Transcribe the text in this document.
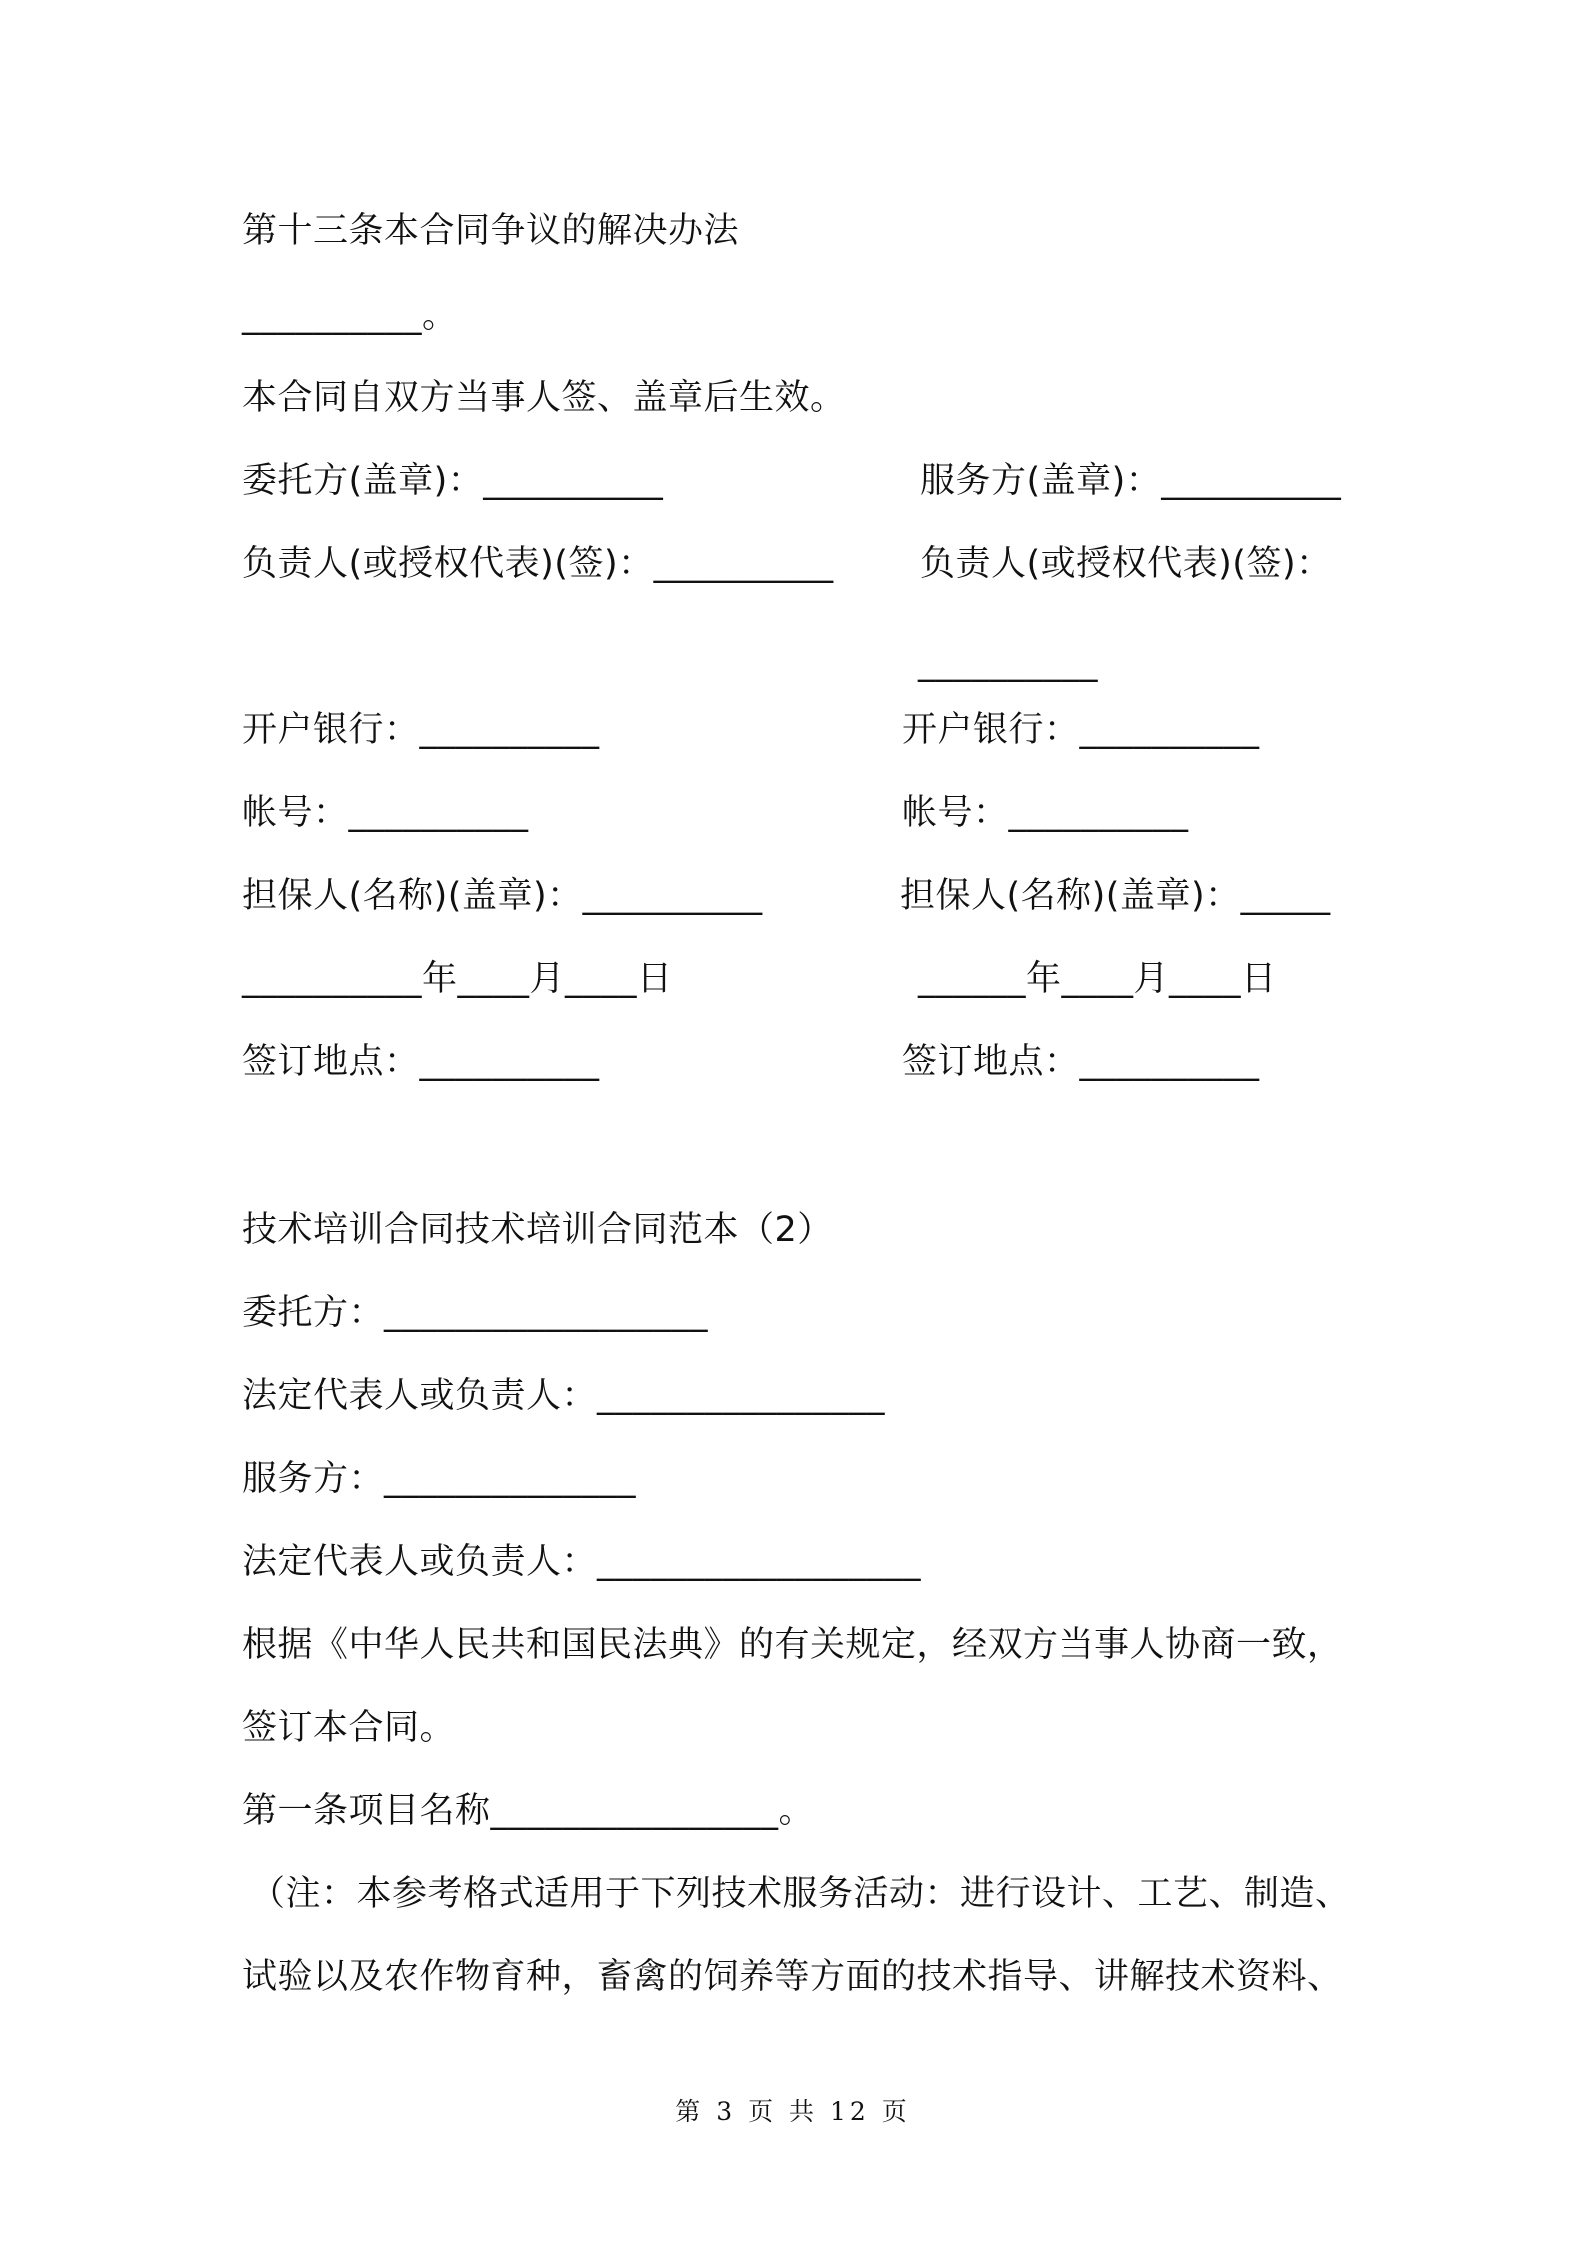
第十三条本合同争议的解决办法
__________。
本合同自双方当事人签、盖章后生效。
委托方(盖章)：__________
负责人(或授权代表)(签)：__________
开户银行：__________
帐号：__________
担保人(名称)(盖章)：__________
__________年____月____日
签订地点：__________
服务方(盖章)：__________
负责人(或授权代表)(签)：
__________
开户银行：__________
帐号：__________
担保人(名称)(盖章)：_____
______年____月____日
签订地点：__________
技术培训合同技术培训合同范本（2）
委托方：__________________
法定代表人或负责人：________________
服务方：______________
法定代表人或负责人：__________________
根据《中华人民共和国民法典》的有关规定，经双方当事人协商一致，
签订本合同。
第一条项目名称________________。
（注：本参考格式适用于下列技术服务活动：进行设计、工艺、制造、
试验以及农作物育种，畜禽的饲养等方面的技术指导、讲解技术资料、
第 3 页 共 12 页
